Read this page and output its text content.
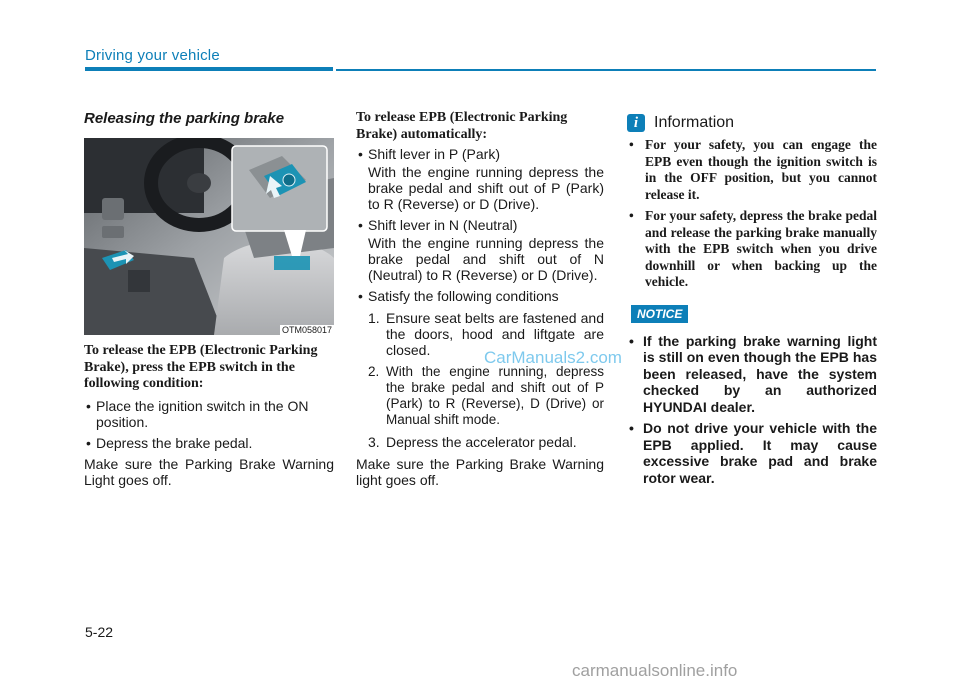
Driving your vehicle

Releasing the parking brake

OTM058017

To release the EPB (Electronic Parking Brake), press the EPB switch in the following condition:

• Place the ignition switch in the ON position.
• Depress the brake pedal.

Make sure the Parking Brake Warning Light goes off.

To release EPB (Electronic Parking Brake) automatically:

• Shift lever in P (Park)
With the engine running depress the brake pedal and shift out of P (Park) to R (Reverse) or D (Drive).
• Shift lever in N (Neutral)
With the engine running depress the brake pedal and shift out of N (Neutral) to R (Reverse) or D (Drive).
• Satisfy the following conditions
1. Ensure seat belts are fastened and the doors, hood and liftgate are closed.
2. With the engine running, depress the brake pedal and shift out of P (Park) to R (Reverse), D (Drive) or Manual shift mode.
3. Depress the accelerator pedal.

Make sure the Parking Brake Warning light goes off.

i Information
• For your safety, you can engage the EPB even though the ignition switch is in the OFF position, but you cannot release it.
• For your safety, depress the brake pedal and release the parking brake manually with the EPB switch when you drive downhill or when backing up the vehicle.
NOTICE
• If the parking brake warning light is still on even though the EPB has been released, have the system checked by an authorized HYUNDAI dealer.
• Do not drive your vehicle with the EPB applied. It may cause excessive brake pad and brake rotor wear.
5-22
CarManuals2.com
carmanualsonline.info
